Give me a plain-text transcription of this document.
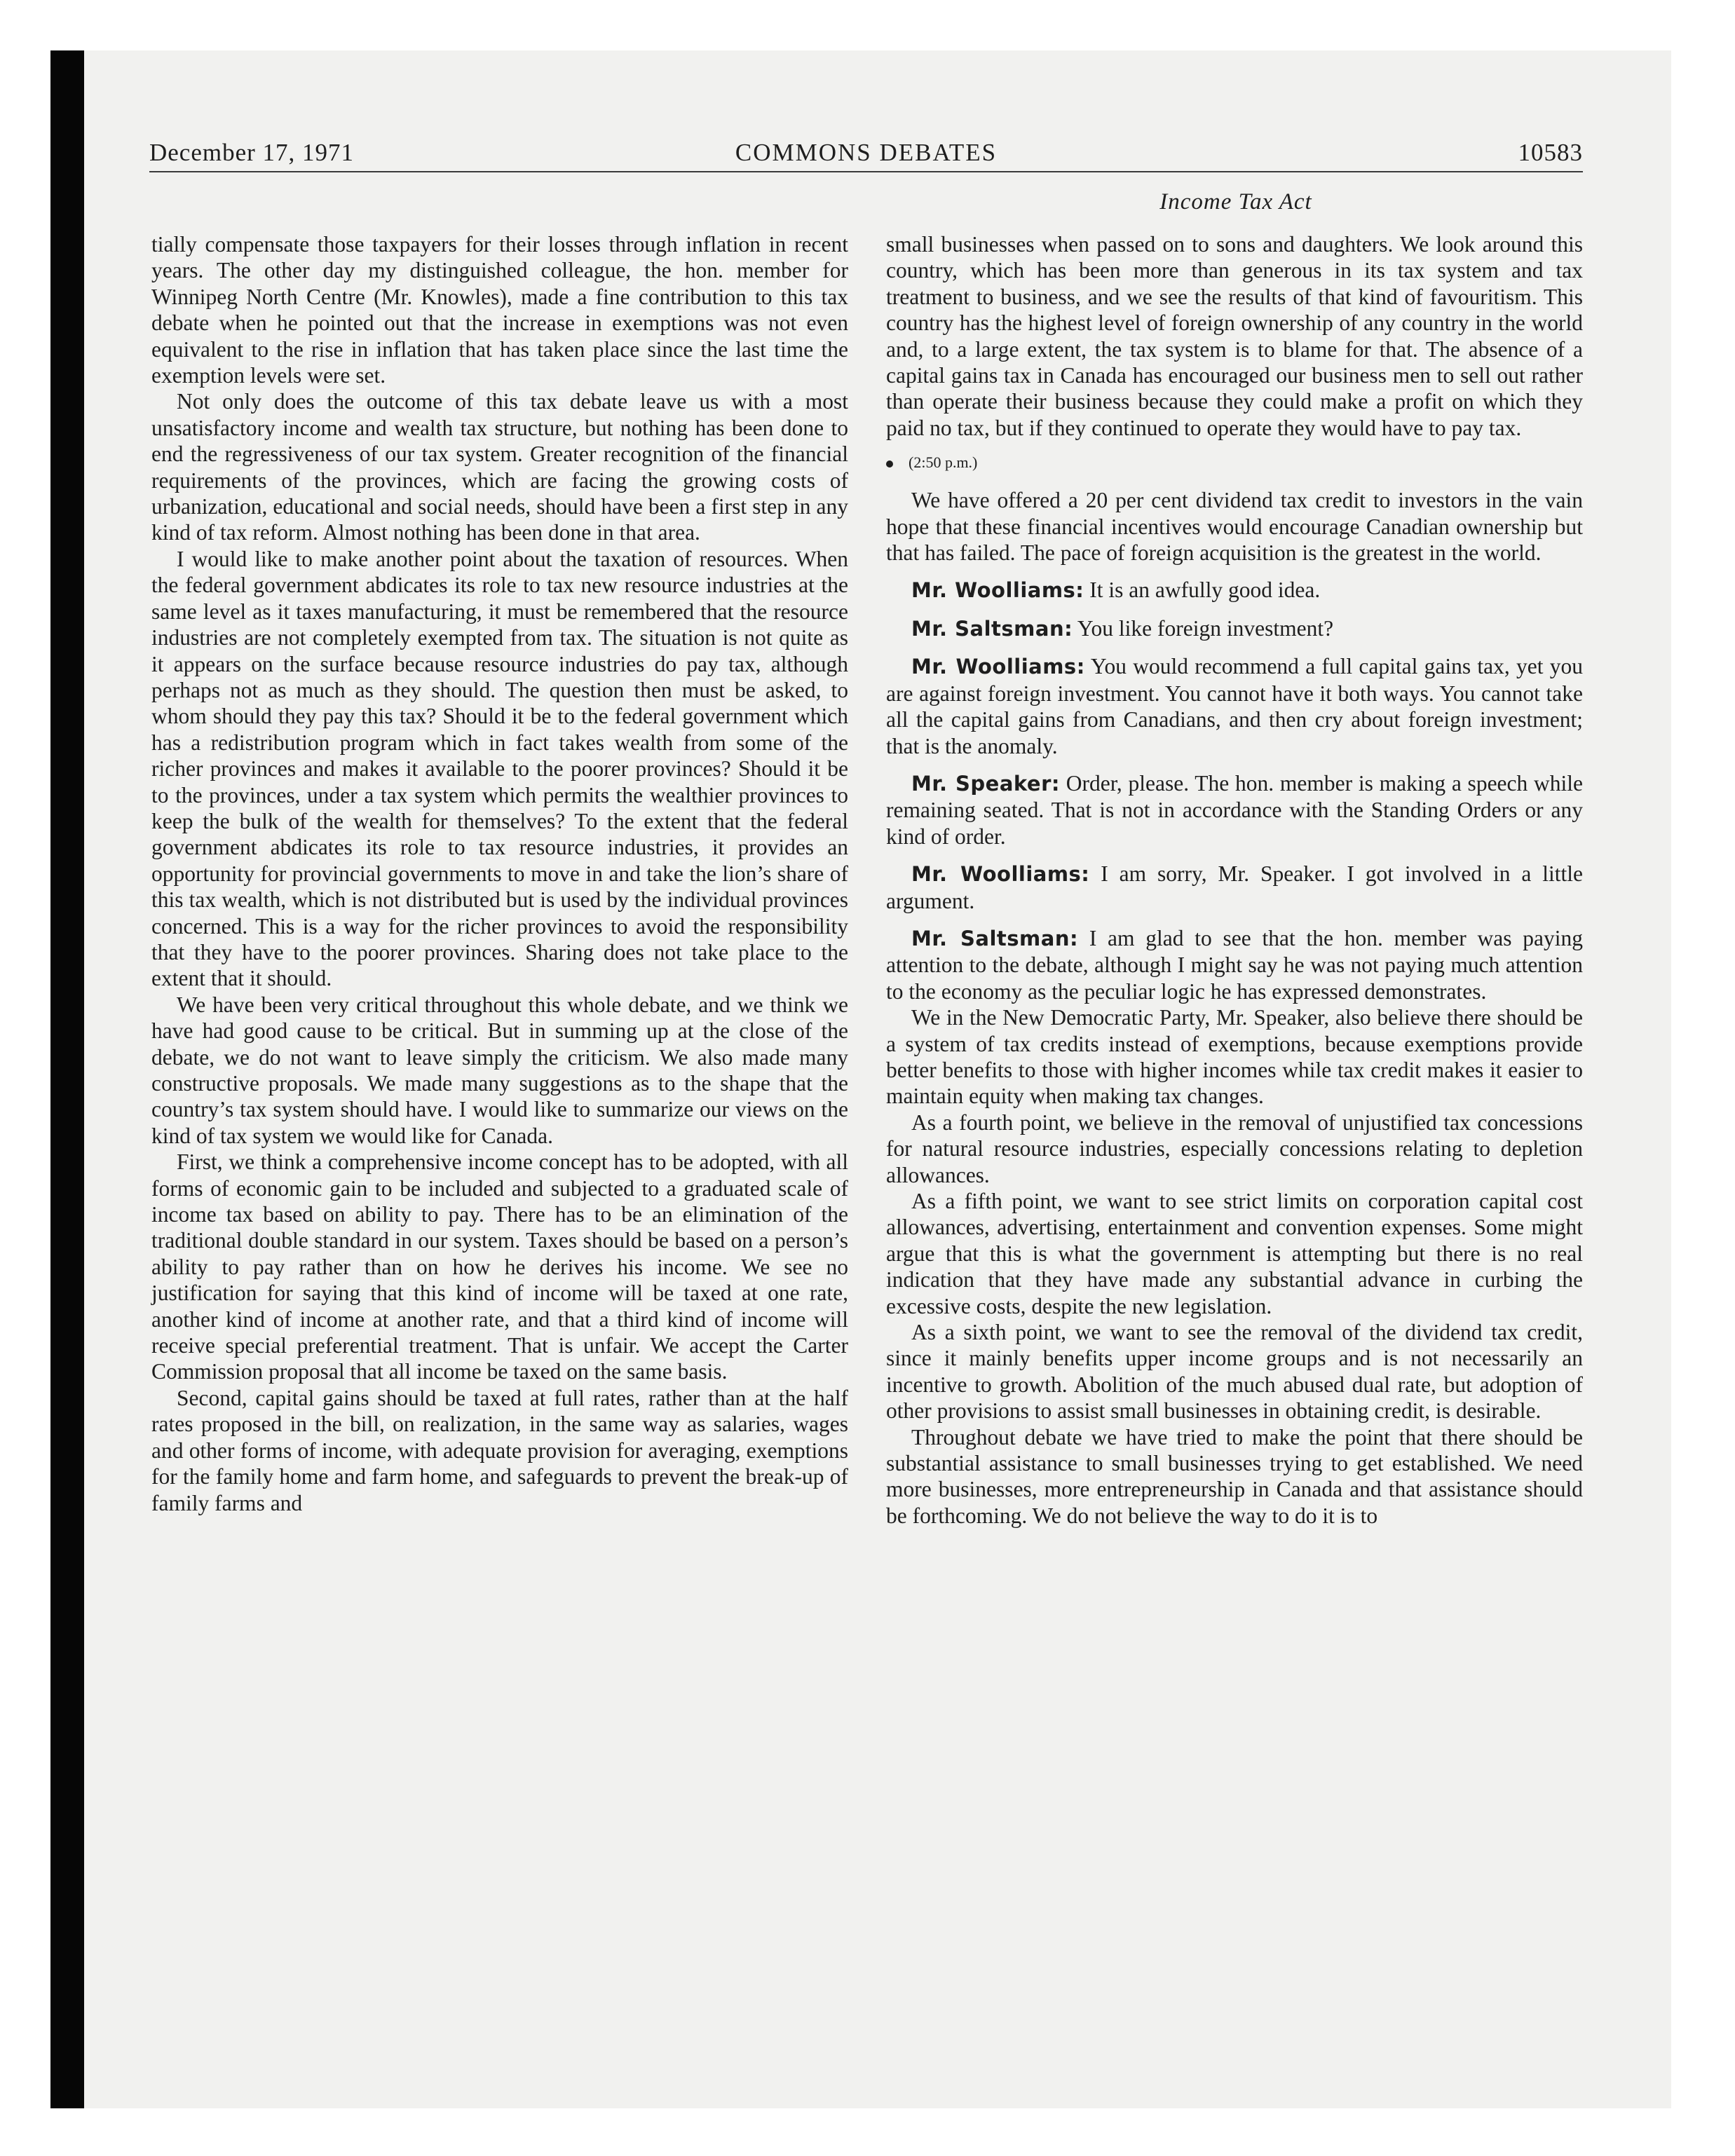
December 17, 1971	COMMONS DEBATES	10583
Income Tax Act

tially compensate those taxpayers for their losses through inflation in recent years. The other day my distinguished colleague, the hon. member for Winnipeg North Centre (Mr. Knowles), made a fine contribution to this tax debate when he pointed out that the increase in exemptions was not even equivalent to the rise in inflation that has taken place since the last time the exemption levels were set.

Not only does the outcome of this tax debate leave us with a most unsatisfactory income and wealth tax structure, but nothing has been done to end the regressiveness of our tax system. Greater recognition of the financial requirements of the provinces, which are facing the growing costs of urbanization, educational and social needs, should have been a first step in any kind of tax reform. Almost nothing has been done in that area.

I would like to make another point about the taxation of resources. When the federal government abdicates its role to tax new resource industries at the same level as it taxes manufacturing, it must be remembered that the resource industries are not completely exempted from tax. The situation is not quite as it appears on the surface because resource industries do pay tax, although perhaps not as much as they should. The question then must be asked, to whom should they pay this tax? Should it be to the federal government which has a redistribution program which in fact takes wealth from some of the richer provinces and makes it available to the poorer provinces? Should it be to the provinces, under a tax system which permits the wealthier provinces to keep the bulk of the wealth for themselves? To the extent that the federal government abdicates its role to tax resource industries, it provides an opportunity for provincial governments to move in and take the lion’s share of this tax wealth, which is not distributed but is used by the individual provinces concerned. This is a way for the richer provinces to avoid the responsibility that they have to the poorer provinces. Sharing does not take place to the extent that it should.

We have been very critical throughout this whole debate, and we think we have had good cause to be critical. But in summing up at the close of the debate, we do not want to leave simply the criticism. We also made many constructive proposals. We made many suggestions as to the shape that the country’s tax system should have. I would like to summarize our views on the kind of tax system we would like for Canada.

First, we think a comprehensive income concept has to be adopted, with all forms of economic gain to be included and subjected to a graduated scale of income tax based on ability to pay. There has to be an elimination of the traditional double standard in our system. Taxes should be based on a person’s ability to pay rather than on how he derives his income. We see no justification for saying that this kind of income will be taxed at one rate, another kind of income at another rate, and that a third kind of income will receive special preferential treatment. That is unfair. We accept the Carter Commission proposal that all income be taxed on the same basis.

Second, capital gains should be taxed at full rates, rather than at the half rates proposed in the bill, on realization, in the same way as salaries, wages and other forms of income, with adequate provision for averaging, exemptions for the family home and farm home, and safeguards to prevent the break-up of family farms and

small businesses when passed on to sons and daughters. We look around this country, which has been more than generous in its tax system and tax treatment to business, and we see the results of that kind of favouritism. This country has the highest level of foreign ownership of any country in the world and, to a large extent, the tax system is to blame for that. The absence of a capital gains tax in Canada has encouraged our business men to sell out rather than operate their business because they could make a profit on which they paid no tax, but if they continued to operate they would have to pay tax.

(2:50 p.m.)

We have offered a 20 per cent dividend tax credit to investors in the vain hope that these financial incentives would encourage Canadian ownership but that has failed. The pace of foreign acquisition is the greatest in the world.

Mr. Woolliams: It is an awfully good idea.

Mr. Saltsman: You like foreign investment?

Mr. Woolliams: You would recommend a full capital gains tax, yet you are against foreign investment. You cannot have it both ways. You cannot take all the capital gains from Canadians, and then cry about foreign investment; that is the anomaly.

Mr. Speaker: Order, please. The hon. member is making a speech while remaining seated. That is not in accordance with the Standing Orders or any kind of order.

Mr. Woolliams: I am sorry, Mr. Speaker. I got involved in a little argument.

Mr. Saltsman: I am glad to see that the hon. member was paying attention to the debate, although I might say he was not paying much attention to the economy as the peculiar logic he has expressed demonstrates.

We in the New Democratic Party, Mr. Speaker, also believe there should be a system of tax credits instead of exemptions, because exemptions provide better benefits to those with higher incomes while tax credit makes it easier to maintain equity when making tax changes.

As a fourth point, we believe in the removal of unjustified tax concessions for natural resource industries, especially concessions relating to depletion allowances.

As a fifth point, we want to see strict limits on corporation capital cost allowances, advertising, entertainment and convention expenses. Some might argue that this is what the government is attempting but there is no real indication that they have made any substantial advance in curbing the excessive costs, despite the new legislation.

As a sixth point, we want to see the removal of the dividend tax credit, since it mainly benefits upper income groups and is not necessarily an incentive to growth. Abolition of the much abused dual rate, but adoption of other provisions to assist small businesses in obtaining credit, is desirable.

Throughout debate we have tried to make the point that there should be substantial assistance to small businesses trying to get established. We need more businesses, more entrepreneurship in Canada and that assistance should be forthcoming. We do not believe the way to do it is to
